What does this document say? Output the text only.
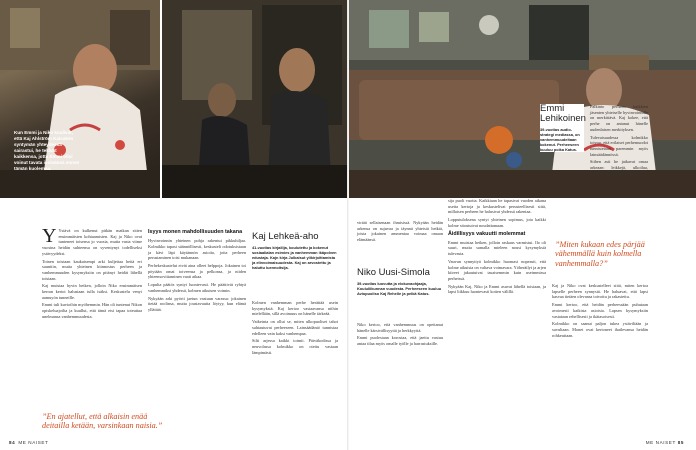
Kun Emmi ja Niko kuulivat, että Kaj Ahlström Kaisaken syntymän yhteydessä sairastui, he tekivät kaikkensa, jotta Emmi olisi voinut tavata isoisänsä ennen tämän kuolemaa.

Y Ystävä on kulkenut pitkän matkan sitten ensimmäisten kohtaamisten. Kaj ja Niko ovat tunteneet toisensa jo vuosia, mutta vasta viime vuosina heidän suhteensa on syventynyt todelliseksi ystävyydeksi.

Toinen toistaan kaukaisempi arki kuljettaa heitä eri suuntiin, mutta yhteinen kiinnostus perheen ja vanhemmuuden kysymyksiin on pitänyt heidät lähellä toisiaan.

Kaj muistaa hyvin hetken, jolloin Niko ensimmäisen kerran kertoi halustaan tulla isäksi. Keskustelu venyi aamuyön tunneille.

Emmi tuli kuvioihin myöhemmin. Hän oli tuntenut Nikon opiskeluajoilta ja kuullut, että tämä etsi tapaa toteuttaa unelmansa vanhemmuudesta.

Isyys monen mahdollisuuden takana

Hyvinvoinnin yhteinen pohja rakentui pikkuhiljaa. Kolmikko tapasi säännöllisesti, keskusteli odotuksistaan ja kävi läpi käytännön asioita, joita perheen perustaminen toisi mukanaan.

Perhekeskustelut eivät aina olleet helppoja. Jokainen toi pöytään omat toiveensa ja pelkonsa, ja niiden yhteensovittaminen vaati aikaa.

Lopulta päätös syntyi luontevasti. He päättivät ryhtyä vanhemmiksi yhdessä, kolmen aikuisen voimin.

Nykyään arki pyörii jaetun vastuun varassa: jokainen tietää roolinsa, mutta joustavuutta löytyy, kun elämä yllättää.

Kaj Lehkeä-aho
41-vuotias kirjailija, koulutettu ja kokenut sosiaalialan esimies ja vanhemman ikäpolven edustaja. Kajn kirja Julkaisut ylikirjoittamista ja elinvoimaisuudesta. Kaj on arvostettu ja haluttu luennoitsija.

Kolmen vanhemman perhe herättää usein kysymyksiä. Kaj kertoo vastaavansa niihin mielellään, sillä avoimuus on hänelle tärkeää.

Vaikeinta on ollut se, miten ulkopuoliset tahot suhtautuvat perheeseen. Lainsäädäntö tunnistaa edelleen vain kaksi vanhempaa.

Silti arjessa kaikki toimii. Päiväkodissa ja neuvolassa kolmikko on otettu vastaan lämpimästi.

”En ajatellut, että alkaisin enää deitailla ketään, varsinkaan naisia.”
Niko Uusi-Simola
39-vuotias luovutta ja elokuvaohjaaja, Koululiikunnan vuodesta. Perheeseen kuuluu Aviopuoliso Kaj Rehelle ja pelkä Katus.

virtää sellaisenaan ihmisissä. Nykyään heidän arkensa on sujuvaa ja täynnä yhteisiä hetkiä, joista jokainen ammentaa voimaa omaan elämäänsä.

Niko kertoo, että vanhemmuus on opettanut hänelle kärsivällisyyttä ja herkkyyttä.

Emmi puolestaan korostaa, että jaettu vastuu antaa tilaa myös omalle työlle ja harrastuksille.

sija puoli vuotta. Kaikkiaan he tapasivat vuoden aikana useita kertoja ja keskustelivat perusteellisesti siitä, millaisen perheen he halusivat yhdessä rakentaa.

Lopputuloksena syntyi yhteinen sopimus, jota kaikki kolme sitoutuivat noudattamaan.

Äidillisyys vakuutti molemmat

Emmi muistaa hetken, jolloin raskaus varmistui. Ilo oli suuri, mutta samalla mieleen nousi kysymyksiä tulevasta.

Vauvan synnyttyä kolmikko huomasi nopeasti, että kolme aikuista on valtava voimavara. Yöheräilyt ja arjen kiireet jakautuivat tasaisemmin kuin useimmissa perheissä.

Nykyään Kaj, Niko ja Emmi asuvat lähellä toisiaan, ja lapsi liikkuu luontevasti kotien välillä.

Emmi Lehikoinen
39-vuotias audio-strategi mediassa, on vanhemmuudeltaan kokenut. Perheeseen kuuluu poika Katus.

Palkinto perheen kaikkien jäsenten yhteiselle hyvinvoinnille on merkittävä. Kaj kokee, että perhe on antanut hänelle uudenlaisen merkityksen.

Tulevaisuudessa kolmikko toivoo, että erilaiset perhemuodot tunnistetaan paremmin myös lainsäädännössä.

Siihen asti he jatkavat omaa arkeaan: leikkejä, ulkoilua, iltasatuja ja yhteisiä illallisia.

”Miten kukaan edes pärjää vähemmällä kuin kolmella vanhemmalla?”

Kaj ja Niko ovat keskustelleet siitä, miten kertoa lapselle perheen synnystä. He haluavat, että lapsi kasvaa tietäen olevansa toivottu ja rakastettu.

Emmi kertoo, että heidän perheessään puhutaan avoimesti kaikista asioista. Lapsen kysymyksiin vastataan rehellisesti ja ikätasoisesti.

Kolmikko on saanut paljon tukea ystäviltään ja suvultaan. Monet ovat kertoneet ihailevansa heidän rohkeuttaan.

84 ME NAISET	ME NAISET 85
